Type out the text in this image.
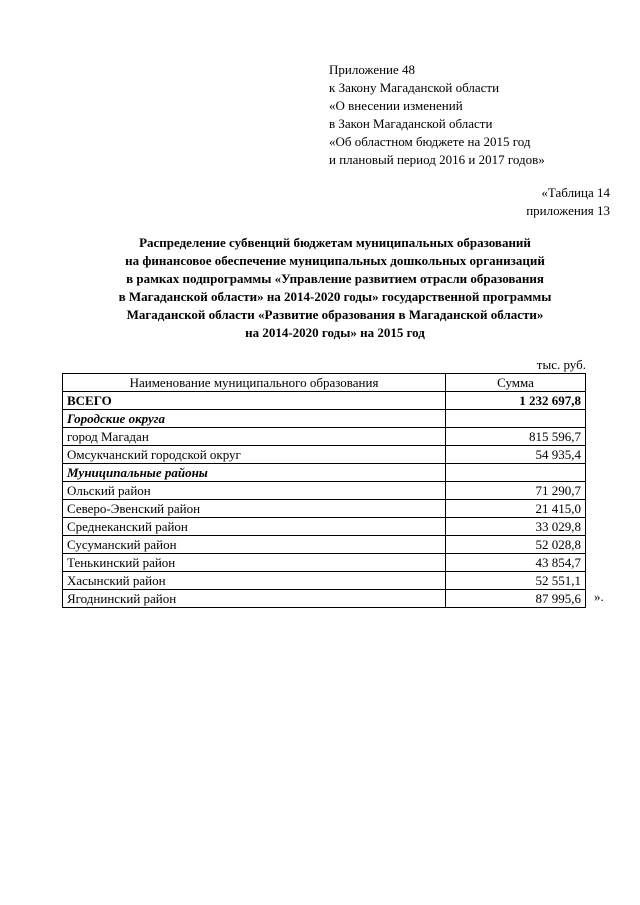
Приложение 48
к Закону Магаданской области
«О внесении изменений
в Закон Магаданской области
«Об областном бюджете на 2015 год
и плановый период 2016 и 2017 годов»
«Таблица 14
приложения 13
Распределение субвенций бюджетам муниципальных образований
на финансовое обеспечение муниципальных дошкольных организаций
в рамках подпрограммы «Управление развитием отрасли образования
в Магаданской области» на 2014-2020 годы» государственной программы
Магаданской области «Развитие образования в Магаданской области»
на 2014-2020 годы» на 2015 год
тыс. руб.
Наименование муниципального образования	Сумма
ВСЕГО	1 232 697,8
Городские округа	
город Магадан	815 596,7
Омсукчанский городской округ	54 935,4
Муниципальные районы	
Ольский район	71 290,7
Северо-Эвенский район	21 415,0
Среднеканский район	33 029,8
Сусуманский район	52 028,8
Тенькинский район	43 854,7
Хасынский район	52 551,1
Ягоднинский район	87 995,6 ».
